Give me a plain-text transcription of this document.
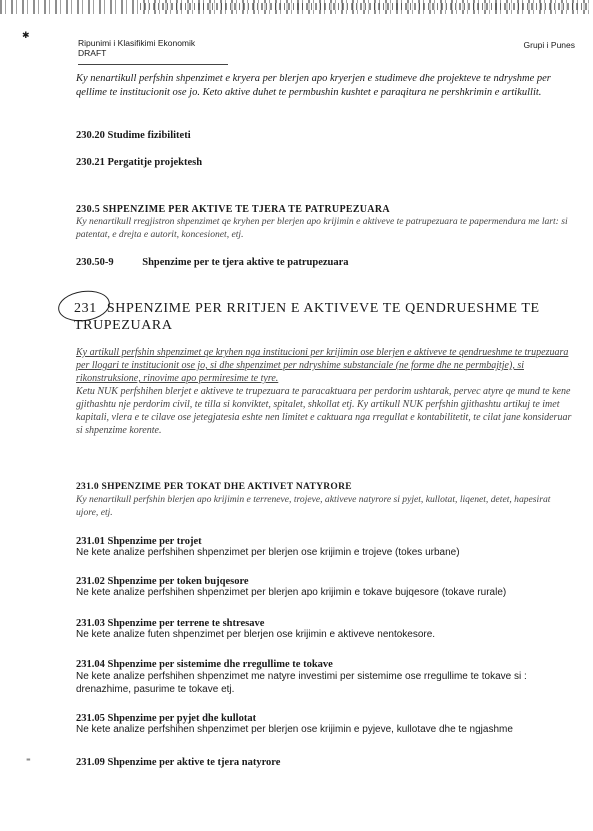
Ripunimi i Klasifikimi Ekonomik
DRAFT
Grupi i Punes
Ky nenartikull perfshin shpenzimet e kryera per blerjen apo kryerjen e studimeve dhe projekteve te ndryshme per qellime te institucionit ose jo. Keto aktive duhet te permbushin kushtet e paraqitura ne pershkrimin e artikullit.
230.20 Studime fizibiliteti
230.21 Pergatitje projektesh
230.5 SHPENZIME PER AKTIVE TE TJERA TE PATRUPEZUARA
Ky nenartikull rregjistron shpenzimet qe kryhen per blerjen apo krijimin e aktiveve te patrupezuara te papermendura me lart: si patentat, e drejta e autorit, koncesionet, etj.
230.50-9	Shpenzime per te tjera aktive te patrupezuara
231 SHPENZIME PER RRITJEN E AKTIVEVE TE QENDRUESHME TE TRUPEZUARA
Ky artikull perfshin shpenzimet qe kryhen nga institucioni per krijimin ose blerjen e aktiveve te qendrueshme te trupezuara per llogari te institucionit ose jo, si dhe shpenzimet per ndryshime substanciale (ne forme dhe ne permbajtje), si rikonstruksione, rinovime apo permiresime te tyre.
Ketu NUK perfshihen blerjet e aktiveve te trupezuara te paracaktuara per perdorim ushtarak, pervec atyre qe mund te kene gjithashtu nje perdorim civil, te tilla si konviktet, spitalet, shkollat etj. Ky artikull NUK perfshin gjithashtu artikuj te imet kapitali, vlera e te cilave ose jetegjatesia eshte nen limitet e caktuara nga rregullat e kontabilitetit, te cilat jane konsideruar si shpenzime korente.
231.0 SHPENZIME PER TOKAT DHE AKTIVET NATYRORE
Ky nenartikull perfshin blerjen apo krijimin e terreneve, trojeve, aktiveve natyrore si pyjet, kullotat, liqenet, detet, hapesirat ujore, etj.
231.01 Shpenzime per trojet
Ne kete analize perfshihen shpenzimet per blerjen ose krijimin e trojeve (tokes urbane)
231.02 Shpenzime per token bujqesore
Ne kete analize perfshihen shpenzimet per blerjen apo krijimin e tokave bujqesore (tokave rurale)
231.03 Shpenzime per terrene te shtresave
Ne kete analize futen shpenzimet per blerjen ose krijimin e aktiveve nentokesore.
231.04 Shpenzime per sistemime dhe rregullime te tokave
Ne kete analize perfshihen shpenzimet me natyre investimi per sistemime ose rregullime te tokave si : drenazhime, pasurime te tokave etj.
231.05 Shpenzime per pyjet dhe kullotat
Ne kete analize perfshihen shpenzimet per blerjen ose krijimin e pyjeve, kullotave dhe te ngjashme
231.09 Shpenzime per aktive te tjera natyrore
✱
⁼
